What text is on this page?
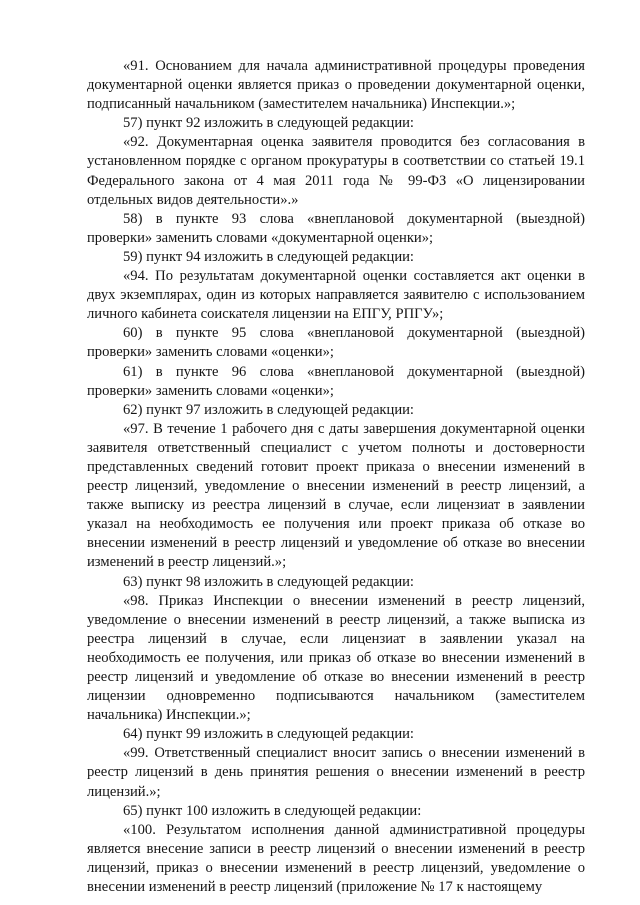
«91. Основанием для начала административной процедуры проведения документарной оценки является приказ о проведении документарной оценки, подписанный начальником (заместителем начальника) Инспекции.»;

57) пункт 92 изложить в следующей редакции:

«92. Документарная оценка заявителя проводится без согласования в установленном порядке с органом прокуратуры в соответствии со статьей 19.1 Федерального закона от 4 мая 2011 года № 99-ФЗ «О лицензировании отдельных видов деятельности».»

58) в пункте 93 слова «внеплановой документарной (выездной) проверки» заменить словами «документарной оценки»;

59) пункт 94 изложить в следующей редакции:

«94. По результатам документарной оценки составляется акт оценки в двух экземплярах, один из которых направляется заявителю с использованием личного кабинета соискателя лицензии на ЕПГУ, РПГУ»;

60) в пункте 95 слова «внеплановой документарной (выездной) проверки» заменить словами «оценки»;

61) в пункте 96 слова «внеплановой документарной (выездной) проверки» заменить словами «оценки»;

62) пункт 97 изложить в следующей редакции:

«97. В течение 1 рабочего дня с даты завершения документарной оценки заявителя ответственный специалист с учетом полноты и достоверности представленных сведений готовит проект приказа о внесении изменений в реестр лицензий, уведомление о внесении изменений в реестр лицензий, а также выписку из реестра лицензий в случае, если лицензиат в заявлении указал на необходимость ее получения или проект приказа об отказе во внесении изменений в реестр лицензий и уведомление об отказе во внесении изменений в реестр лицензий.»;

63) пункт 98 изложить в следующей редакции:

«98. Приказ Инспекции о внесении изменений в реестр лицензий, уведомление о внесении изменений в реестр лицензий, а также выписка из реестра лицензий в случае, если лицензиат в заявлении указал на необходимость ее получения, или приказ об отказе во внесении изменений в реестр лицензий и уведомление об отказе во внесении изменений в реестр лицензии одновременно подписываются начальником (заместителем начальника) Инспекции.»;

64) пункт 99 изложить в следующей редакции:

«99. Ответственный специалист вносит запись о внесении изменений в реестр лицензий в день принятия решения о внесении изменений в реестр лицензий.»;

65) пункт 100 изложить в следующей редакции:

«100. Результатом исполнения данной административной процедуры является внесение записи в реестр лицензий о внесении изменений в реестр лицензий, приказ о внесении изменений в реестр лицензий, уведомление о внесении изменений в реестр лицензий (приложение № 17 к настоящему
